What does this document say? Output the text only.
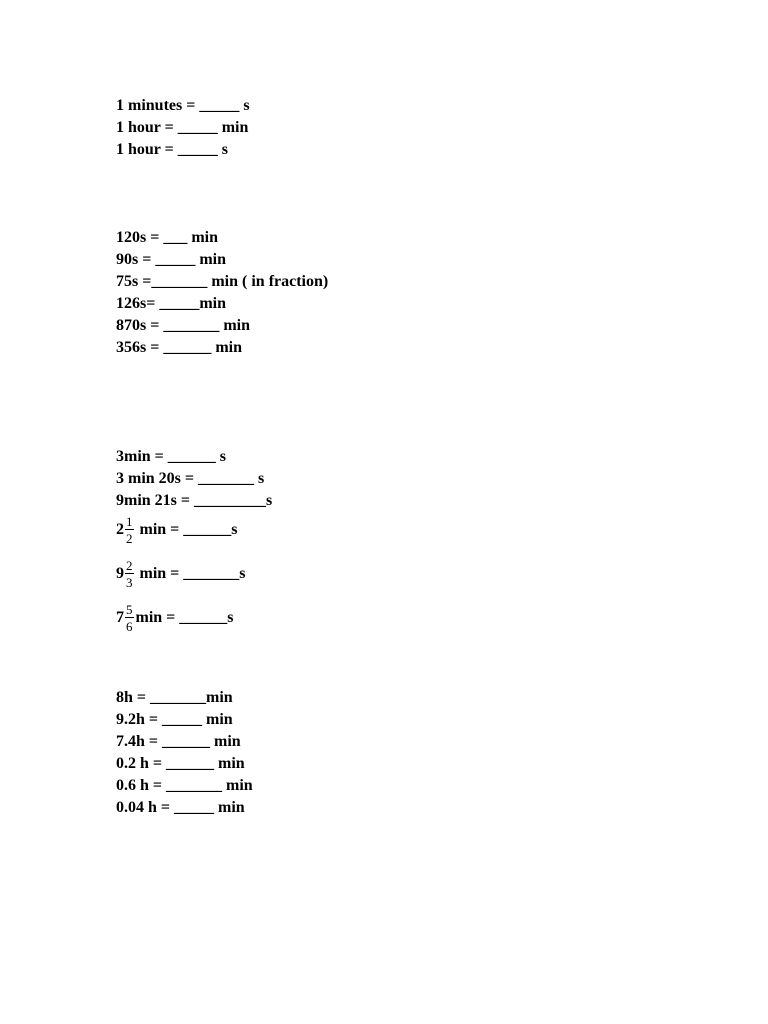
1 minutes = _____ s
1 hour = _____ min
1 hour = _____ s
120s = ___ min
90s = _____ min
75s =_______ min ( in fraction)
126s= _____min
870s = _______ min
356s = ______ min
3min = ______ s
3 min 20s = _______ s
9min 21s = _________s
$2 \frac{1}{2}$ min = ______s
$9 \frac{2}{3}$ min = _______s
$7 \frac{5}{6}$ min = ______s
8h = _______min
9.2h = _____ min
7.4h = ______ min
0.2 h = ______ min
0.6 h = _______ min
0.04 h = _____ min
